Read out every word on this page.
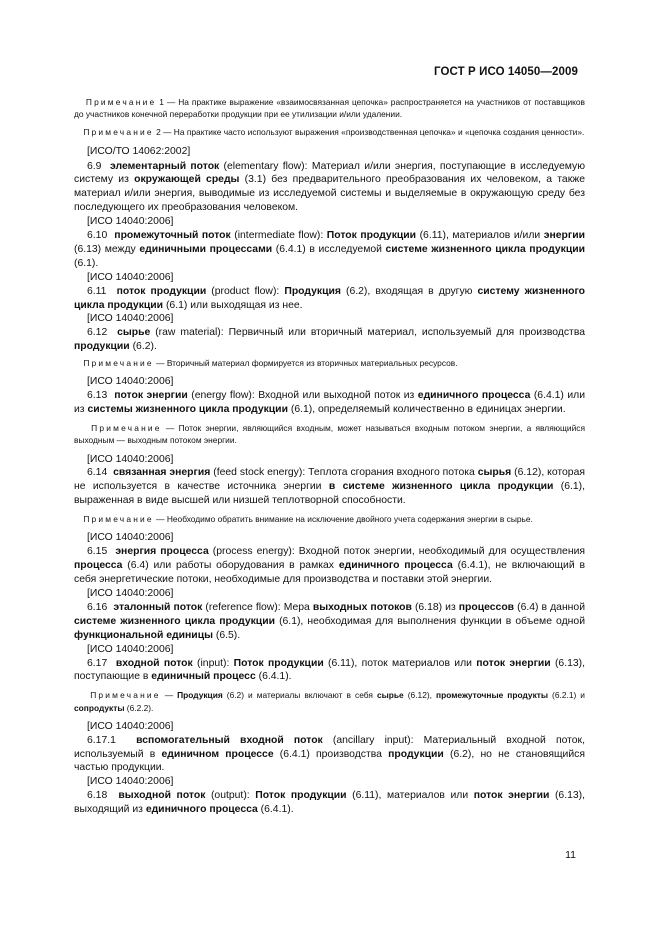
ГОСТ Р ИСО 14050—2009

Примечание 1 — На практике выражение «взаимосвязанная цепочка» распространяется на участников от поставщиков до участников конечной переработки продукции при ее утилизации и/или удалении.

Примечание 2 — На практике часто используют выражения «производственная цепочка» и «цепочка создания ценности».

[ИСО/ТО 14062:2002]

6.9 элементарный поток (elementary flow): Материал и/или энергия, поступающие в исследуемую систему из окружающей среды (3.1) без предварительного преобразования их человеком, а также материал и/или энергия, выводимые из исследуемой системы и выделяемые в окружающую среду без последующего их преобразования человеком.

[ИСО 14040:2006]

6.10 промежуточный поток (intermediate flow): Поток продукции (6.11), материалов и/или энергии (6.13) между единичными процессами (6.4.1) в исследуемой системе жизненного цикла продукции (6.1).

[ИСО 14040:2006]

6.11 поток продукции (product flow): Продукция (6.2), входящая в другую систему жизненного цикла продукции (6.1) или выходящая из нее.

[ИСО 14040:2006]

6.12 сырье (raw material): Первичный или вторичный материал, используемый для производства продукции (6.2).

Примечание — Вторичный материал формируется из вторичных материальных ресурсов.

[ИСО 14040:2006]

6.13 поток энергии (energy flow): Входной или выходной поток из единичного процесса (6.4.1) или из системы жизненного цикла продукции (6.1), определяемый количественно в единицах энергии.

Примечание — Поток энергии, являющийся входным, может называться входным потоком энергии, а являющийся выходным — выходным потоком энергии.

[ИСО 14040:2006]

6.14 связанная энергия (feed stock energy): Теплота сгорания входного потока сырья (6.12), которая не используется в качестве источника энергии в системе жизненного цикла продукции (6.1), выраженная в виде высшей или низшей теплотворной способности.

Примечание — Необходимо обратить внимание на исключение двойного учета содержания энергии в сырье.

[ИСО 14040:2006]

6.15 энергия процесса (process energy): Входной поток энергии, необходимый для осуществления процесса (6.4) или работы оборудования в рамках единичного процесса (6.4.1), не включающий в себя энергетические потоки, необходимые для производства и поставки этой энергии.

[ИСО 14040:2006]

6.16 эталонный поток (reference flow): Мера выходных потоков (6.18) из процессов (6.4) в данной системе жизненного цикла продукции (6.1), необходимая для выполнения функции в объеме одной функциональной единицы (6.5).

[ИСО 14040:2006]

6.17 входной поток (input): Поток продукции (6.11), поток материалов или поток энергии (6.13), поступающие в единичный процесс (6.4.1).

Примечание — Продукция (6.2) и материалы включают в себя сырье (6.12), промежуточные продукты (6.2.1) и сопродукты (6.2.2).

[ИСО 14040:2006]

6.17.1 вспомогательный входной поток (ancillary input): Материальный входной поток, используемый в единичном процессе (6.4.1) производства продукции (6.2), но не становящийся частью продукции.

[ИСО 14040:2006]

6.18 выходной поток (output): Поток продукции (6.11), материалов или поток энергии (6.13), выходящий из единичного процесса (6.4.1).

11
